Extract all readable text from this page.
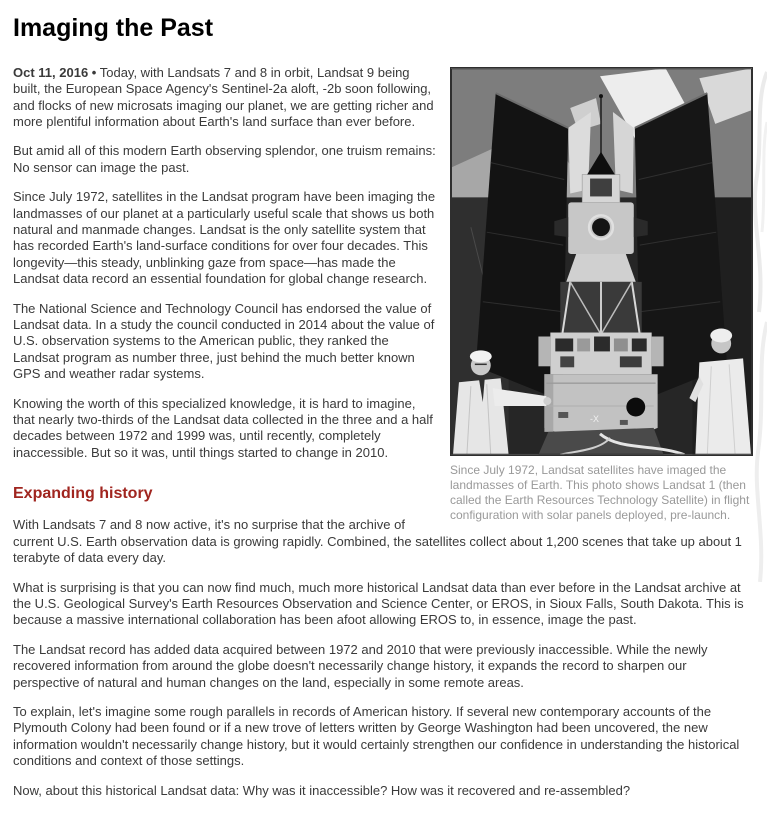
Imaging the Past
-X
Since July 1972, Landsat satellites have imaged the landmasses of Earth. This photo shows Landsat 1 (then called the Earth Resources Technology Satellite) in flight configuration with solar panels deployed, pre-launch.

Oct 11, 2016 • Today, with Landsats 7 and 8 in orbit, Landsat 9 being built, the European Space Agency's Sentinel-2a aloft, -2b soon following, and flocks of new microsats imaging our planet, we are getting richer and more plentiful information about Earth's land surface than ever before.

But amid all of this modern Earth observing splendor, one truism remains: No sensor can image the past.

Since July 1972, satellites in the Landsat program have been imaging the landmasses of our planet at a particularly useful scale that shows us both natural and manmade changes. Landsat is the only satellite system that has recorded Earth's land-surface conditions for over four decades. This longevity—this steady, unblinking gaze from space—has made the Landsat data record an essential foundation for global change research.

The National Science and Technology Council has endorsed the value of Landsat data. In a study the council conducted in 2014 about the value of U.S. observation systems to the American public, they ranked the Landsat program as number three, just behind the much better known GPS and weather radar systems.

Knowing the worth of this specialized knowledge, it is hard to imagine, that nearly two-thirds of the Landsat data collected in the three and a half decades between 1972 and 1999 was, until recently, completely inaccessible. But so it was, until things started to change in 2010.

Expanding history

With Landsats 7 and 8 now active, it's no surprise that the archive of current U.S. Earth observation data is growing rapidly. Combined, the satellites collect about 1,200 scenes that take up about 1 terabyte of data every day.

What is surprising is that you can now find much, much more historical Landsat data than ever before in the Landsat archive at the U.S. Geological Survey's Earth Resources Observation and Science Center, or EROS, in Sioux Falls, South Dakota. This is because a massive international collaboration has been afoot allowing EROS to, in essence, image the past.

The Landsat record has added data acquired between 1972 and 2010 that were previously inaccessible. While the newly recovered information from around the globe doesn't necessarily change history, it expands the record to sharpen our perspective of natural and human changes on the land, especially in some remote areas.

To explain, let's imagine some rough parallels in records of American history. If several new contemporary accounts of the Plymouth Colony had been found or if a new trove of letters written by George Washington had been uncovered, the new information wouldn't necessarily change history, but it would certainly strengthen our confidence in understanding the historical conditions and context of those settings.

Now, about this historical Landsat data: Why was it inaccessible? How was it recovered and re-assembled?
